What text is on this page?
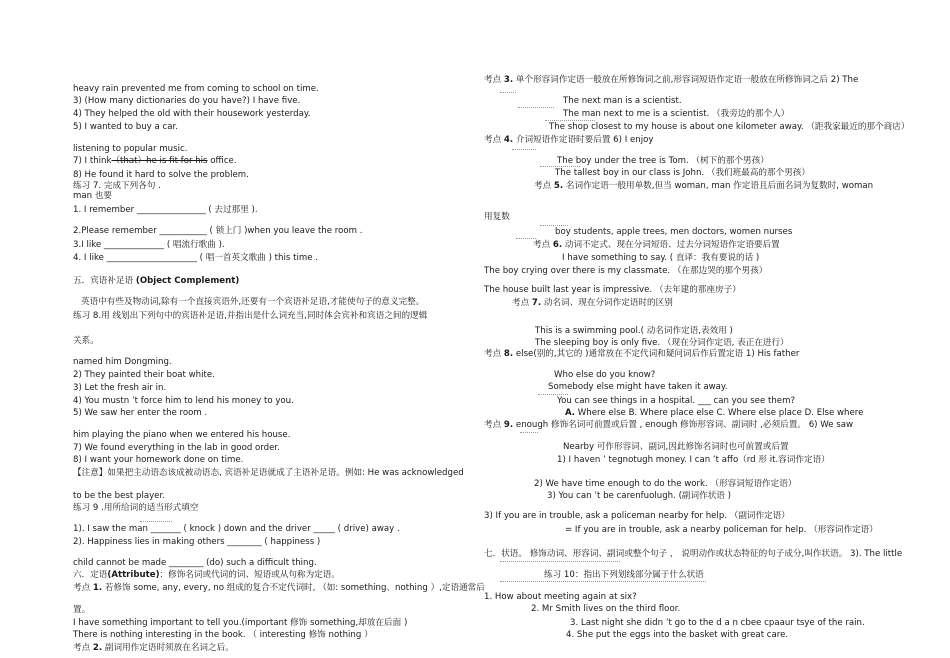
heavy rain prevented me from coming to school on time.
3) (How many dictionaries do you have?) I have five.
4) They helped the old with their housework yesterday.
5) I wanted to buy a car.
listening to popular music.
7) I think（that）he is fit for his office.
8) He found it hard to solve the problem.
练习 7. 完成下列各句 .
man 也要
1. I remember ________________ ( 去过那里 ).
2.Please remember ___________ ( 锁上门 )when you leave the room .
3.I like ______________ ( 唱流行歌曲 ).
4. I like _____________________ ( 唱一首英文歌曲 ) this time .
五．宾语补足语 (Object Complement)
英语中有些及物动词,除有一个直接宾语外,还要有一个宾语补足语,才能使句子的意义完整。
练习 8.用 线划出下列句中的宾语补足语,并指出是什么词充当,同时体会宾补和宾语之间的逻辑
关系。
named him Dongming.
2) They painted their boat white.
3) Let the fresh air in.
4) You mustn ’t force him to lend his money to you.
5) We saw her enter the room .
him playing the piano when we entered his house.
7) We found everything in the lab in good order.
8) I want your homework done on time.
【注意】如果把主动语态该成被动语态, 宾语补足语就成了主语补足语。例如: He was acknowledged
to be the best player.
练习 9 .用所给词的适当形式填空
1). I saw the man _______ ( knock ) down and the driver _____ ( drive) away .
2). Happiness lies in making others ________ ( happiness )
child cannot be made ________ (do) such a difficult thing.
六．定语(Attribute)：修饰名词或代词的词、短语或从句称为定语。
考点 1. 若修饰 some, any, every, no 组成的复合不定代词时, （如: something、nothing ）,定语通常后
置。
I have something important to tell you.(important 修饰 something,却放在后面 )
There is nothing interesting in the book. （ interesting 修饰 nothing ）
考点 2. 副词用作定语时须放在名词之后。
考点 3. 单个形容词作定语一般放在所修饰词之前,形容词短语作定语一般放在所修饰词之后 2) The
The next man is a scientist.
The man next to me is a scientist. （我旁边的那个人）
The shop closest to my house is about one kilometer away. （距我家最近的那个商店）
考点 4. 介词短语作定语时要后置 6) I enjoy
The boy under the tree is Tom. （树下的那个男孩）
The tallest boy in our class is John. （我们班最高的那个男孩）
考点 5. 名词作定语一般用单数,但当 woman, man 作定语且后面名词为复数时, woman
用复数
boy students, apple trees, men doctors, women nurses
考点 6. 动词不定式、现在分词短语、过去分词短语作定语要后置
I have something to say. ( 直译：我有要说的话 )
The boy crying over there is my classmate. （在那边哭的那个男孩）
The house built last year is impressive. （去年建的那座房子）
考点 7. 动名词、现在分词作定语时的区别
This is a swimming pool.( 动名词作定语,表效用 )
The sleeping boy is only five. （现在分词作定语, 表正在进行）
考点 8. else(别的,其它的 )通常放在不定代词和疑问词后作后置定语 1) His father
Who else do you know?
Somebody else might have taken it away.
You can see things in a hospital. ___ can you see them?
A. Where else B. Where place else C. Where else place D. Else where
考点 9. enough 修饰名词可前置或后置 , enough 修饰形容词、副词时 ,必须后置。 6) We saw
Nearby 可作形容词、副词,因此修饰名词时也可前置或后置
1) I haven ’ tegnotugh money. I can ’t affo（rd 形 it.容词作定语）
2) We have time enough to do the work. （形容词短语作定语）
3) You can ’t be carenfuolugh. (副词作状语 )
3) If you are in trouble, ask a policeman nearby for help. （副词作定语）
= If you are in trouble, ask a nearby policeman for help. （形容词作定语）
七．状语。 修饰动词、形容词、副词或整个句子 ， 说明动作或状态特征的句子成分,叫作状语。 3). The little
练习 10：指出下列划线部分属于什么状语
1. How about meeting again at six?
2. Mr Smith lives on the third floor.
3. Last night she didn ’t go to the d a n cbee cpaaur tsye of the rain.
4. She put the eggs into the basket with great care.
